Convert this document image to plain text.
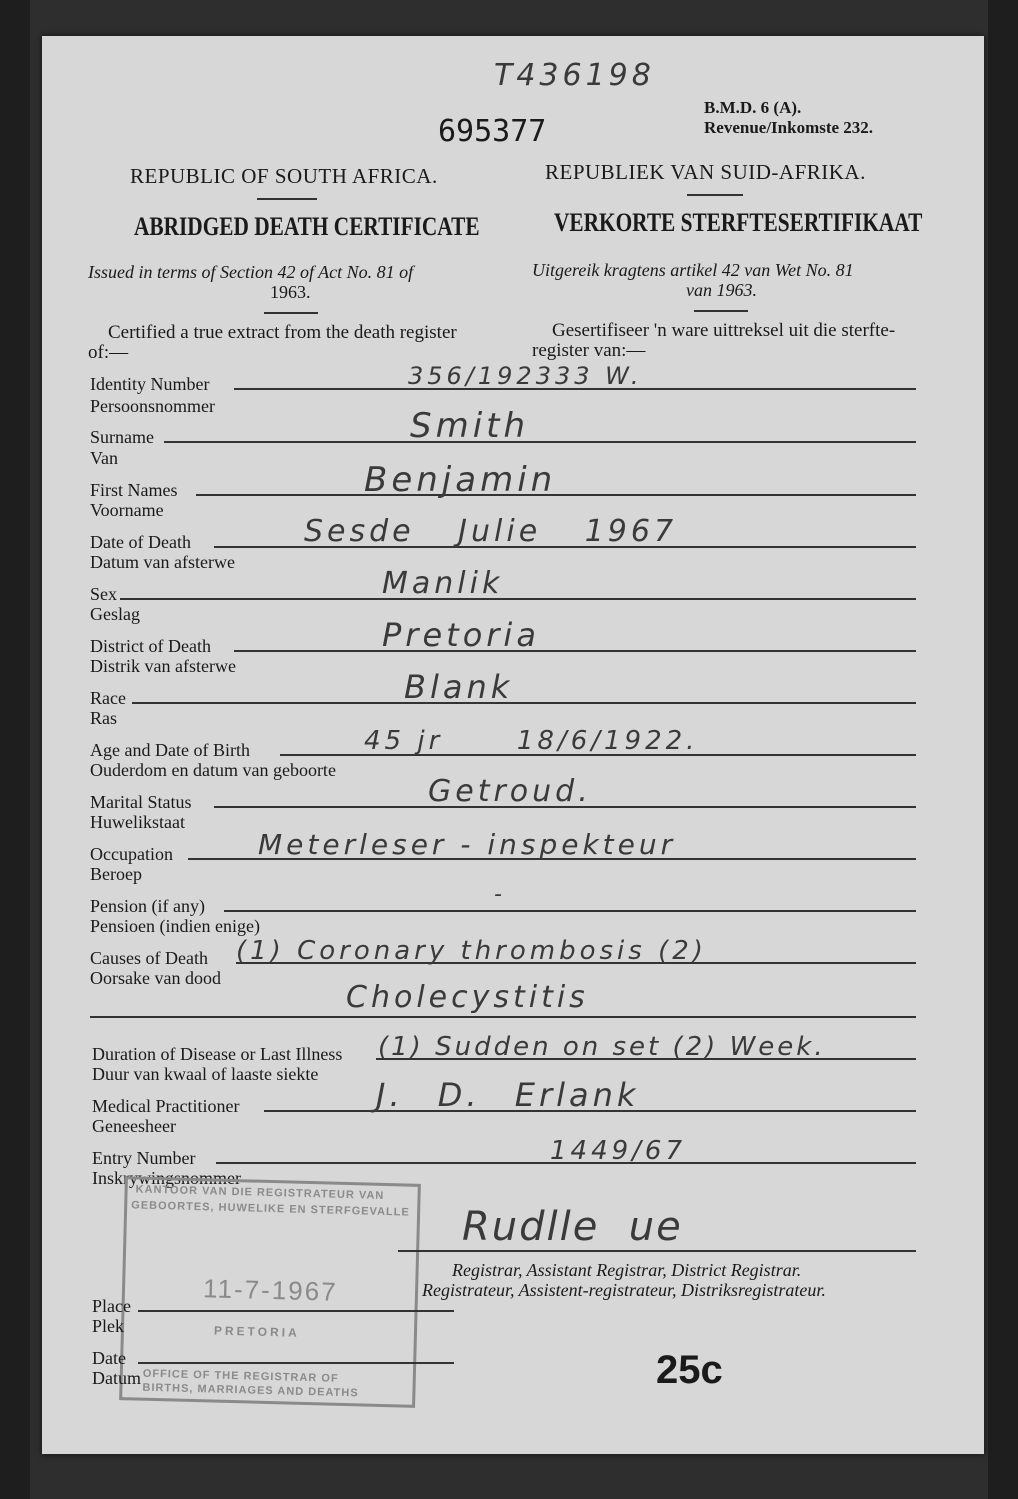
T436198
695377
B.M.D. 6 (A).
Revenue/Inkomste 232.
REPUBLIC OF SOUTH AFRICA.	REPUBLIEK VAN SUID-AFRIKA.
ABRIDGED DEATH CERTIFICATE	VERKORTE STERFTESERTIFIKAAT
Issued in terms of Section 42 of Act No. 81 of
1963.
Uitgereik kragtens artikel 42 van Wet No. 81
van 1963.
Certified a true extract from the death register
of:—
Gesertifiseer 'n ware uittreksel uit die sterfte-
register van:—
Identity Number
Persoonsnommer
356/192333 W.
Surname
Van
Smith
First Names
Voorname
Benjamin
Date of Death
Datum van afsterwe
Sesde Julie 1967
Sex
Geslag
Manlik
District of Death
Distrik van afsterwe
Pretoria
Race
Ras
Blank
Age and Date of Birth
Ouderdom en datum van geboorte
45 jr      18/6/1922.
Marital Status
Huwelikstaat
Getroud.
Occupation
Beroep
Meterleser - inspekteur
Pension (if any)
Pensioen (indien enige)
-
Causes of Death
Oorsake van dood
(1) Coronary thrombosis (2)
Cholecystitis
Duration of Disease or Last Illness
Duur van kwaal of laaste siekte
(1) Sudden on set (2) Week.
Medical Practitioner
Geneesheer
J. D. Erlank
Entry Number
Inskrywingsnommer
1449/67
KANTOOR VAN DIE REGISTRATEUR VAN
GEBOORTES, HUWELIKE EN STERFGEVALLE
11-7-1967
PRETORIA
OFFICE OF THE REGISTRAR OF
BIRTHS, MARRIAGES AND DEATHS
Rudlle  ue
Registrar, Assistant Registrar, District Registrar.
Registrateur, Assistent-registrateur, Distriksregistrateur.
Place
Plek
Date
Datum	25c
